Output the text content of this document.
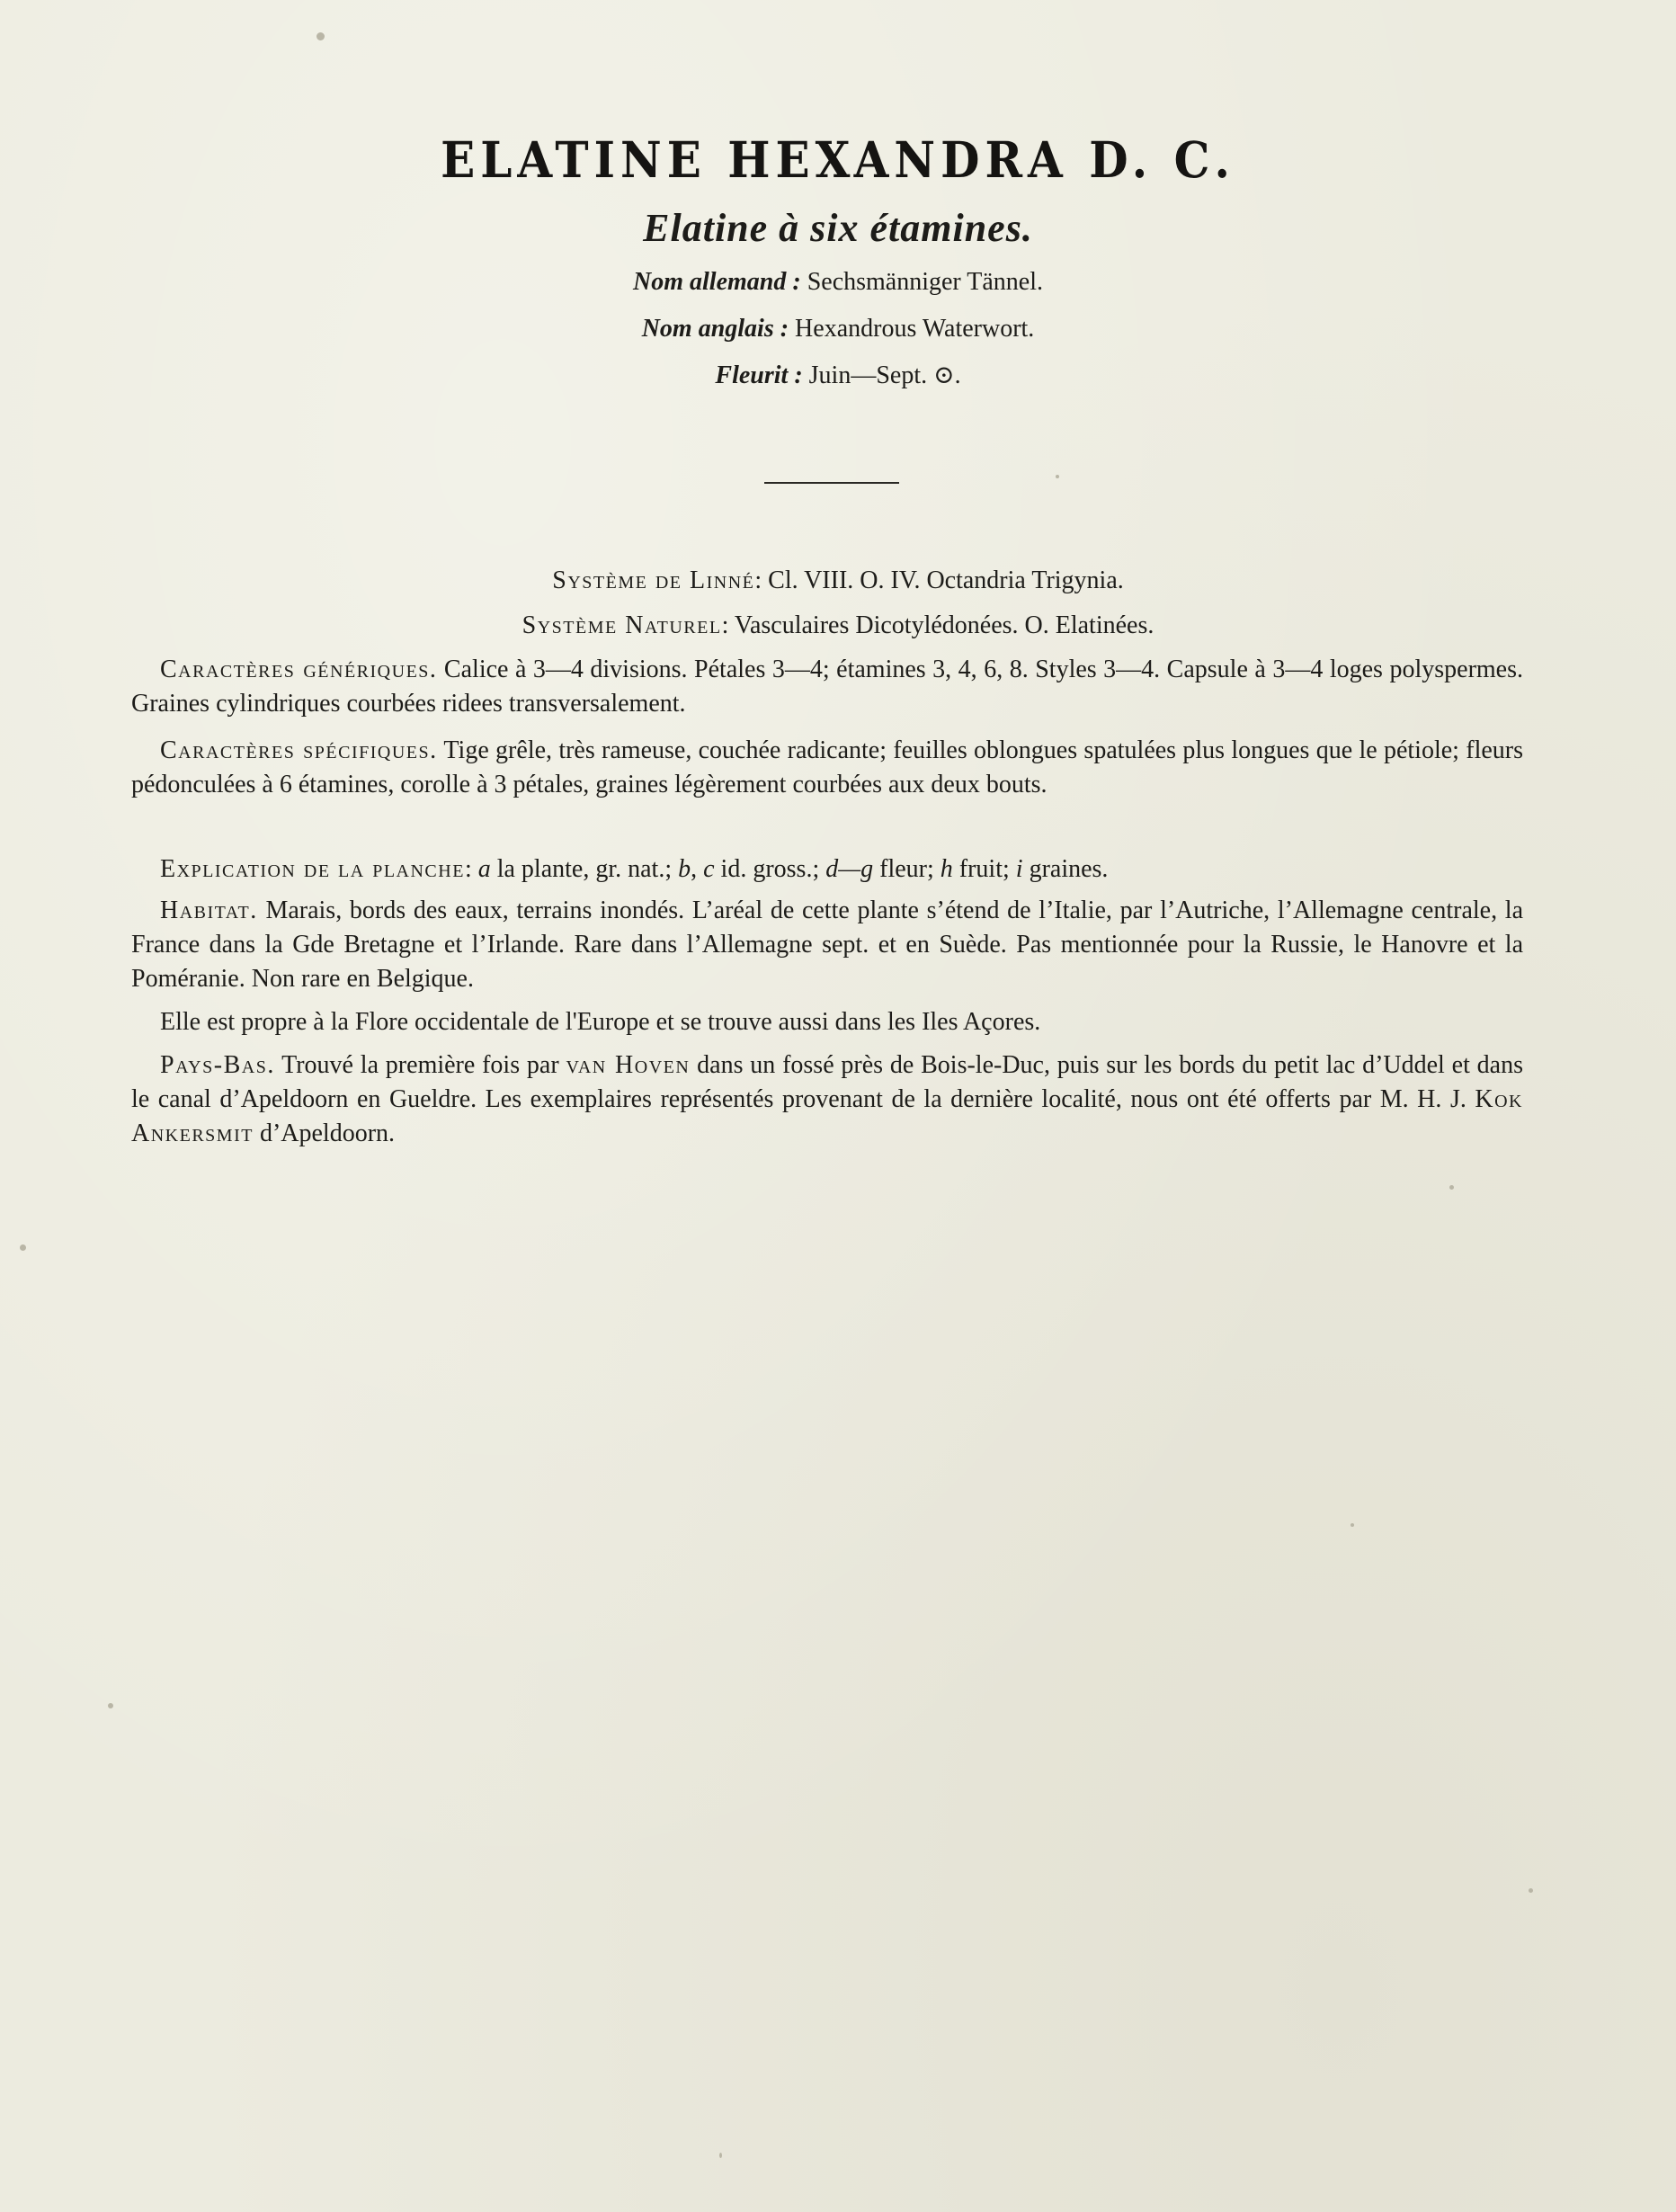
ELATINE HEXANDRA D. C.
Elatine à six étamines.
Nom allemand : Sechsmänniger Tännel.
Nom anglais : Hexandrous Waterwort.
Fleurit : Juin—Sept. ⊙.
Système de Linné: Cl. VIII. O. IV. Octandria Trigynia.
Système Naturel: Vasculaires Dicotylédonées. O. Elatinées.
Caractères génériques. Calice à 3—4 divisions. Pétales 3—4; étamines 3, 4, 6, 8. Styles 3—4. Capsule à 3—4 loges polyspermes. Graines cylindriques courbées ridees transversalement.
Caractères spécifiques. Tige grêle, très rameuse, couchée radicante; feuilles oblongues spatulées plus longues que le pétiole; fleurs pédonculées à 6 étamines, corolle à 3 pétales, graines légèrement courbées aux deux bouts.
Explication de la planche: a la plante, gr. nat.; b, c id. gross.; d—g fleur; h fruit; i graines.
Habitat. Marais, bords des eaux, terrains inondés. L’aréal de cette plante s’étend de l’Italie, par l’Autriche, l’Allemagne centrale, la France dans la Gde Bretagne et l’Irlande. Rare dans l’Allemagne sept. et en Suède. Pas mentionnée pour la Russie, le Hanovre et la Poméranie. Non rare en Belgique.
Elle est propre à la Flore occidentale de l'Europe et se trouve aussi dans les Iles Açores.
Pays-Bas. Trouvé la première fois par van Hoven dans un fossé près de Bois-le-Duc, puis sur les bords du petit lac d’Uddel et dans le canal d’Apeldoorn en Gueldre. Les exemplaires représentés provenant de la dernière localité, nous ont été offerts par M. H. J. Kok Ankersmit d’Apeldoorn.
